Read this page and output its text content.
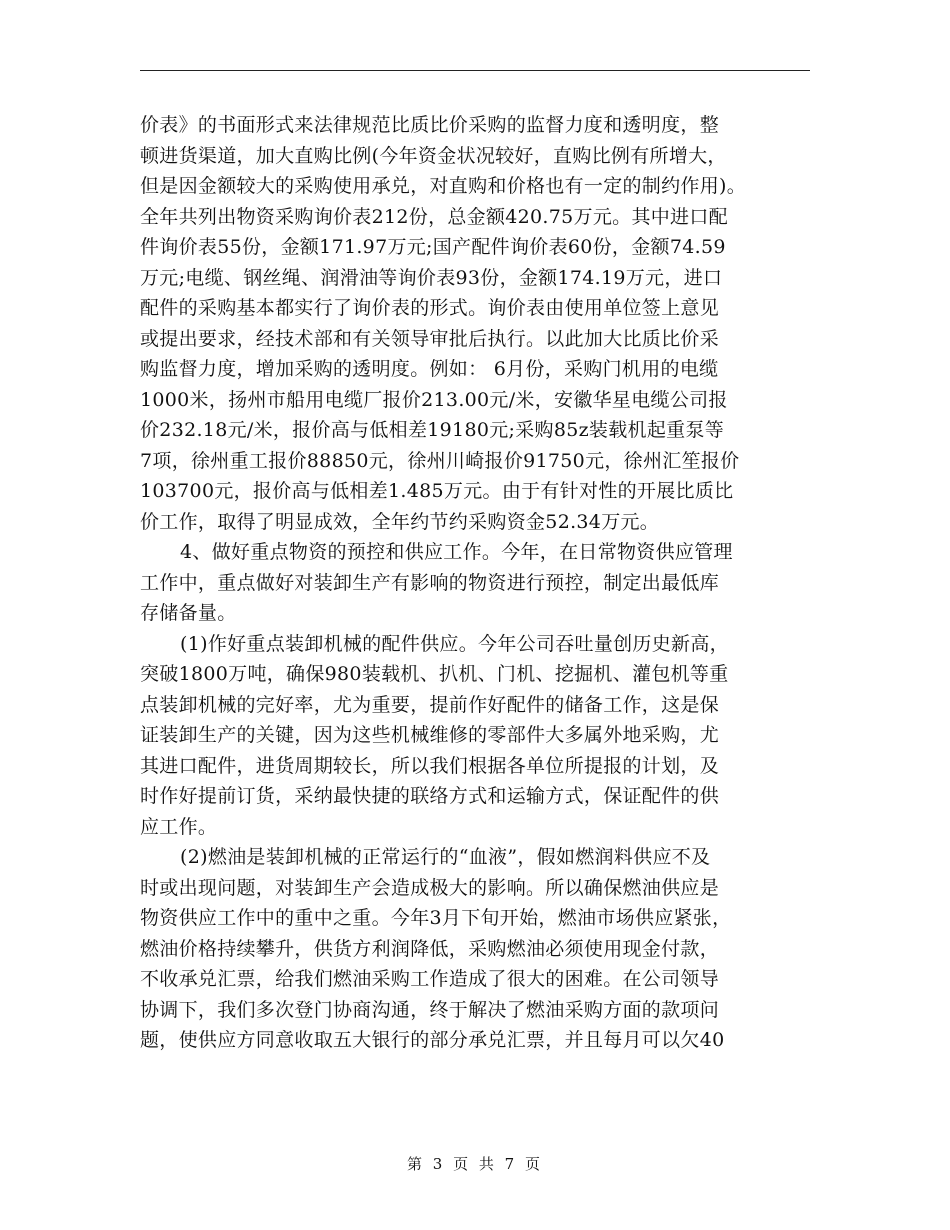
价表》的书面形式来法律规范比质比价采购的监督力度和透明度，整
顿进货渠道，加大直购比例(今年资金状况较好，直购比例有所增大，
但是因金额较大的采购使用承兑，对直购和价格也有一定的制约作用)。
全年共列出物资采购询价表212份，总金额420.75万元。其中进口配
件询价表55份，金额171.97万元;国产配件询价表60份，金额74.59
万元;电缆、钢丝绳、润滑油等询价表93份，金额174.19万元，进口
配件的采购基本都实行了询价表的形式。询价表由使用单位签上意见
或提出要求，经技术部和有关领导审批后执行。以此加大比质比价采
购监督力度，增加采购的透明度。例如： 6月份，采购门机用的电缆
1000米，扬州市船用电缆厂报价213.00元/米，安徽华星电缆公司报
价232.18元/米，报价高与低相差19180元;采购85z装载机起重泵等
7项，徐州重工报价88850元，徐州川崎报价91750元，徐州汇笙报价
103700元，报价高与低相差1.485万元。由于有针对性的开展比质比
价工作，取得了明显成效，全年约节约采购资金52.34万元。
4、做好重点物资的预控和供应工作。今年，在日常物资供应管理
工作中，重点做好对装卸生产有影响的物资进行预控，制定出最低库
存储备量。
(1)作好重点装卸机械的配件供应。今年公司吞吐量创历史新高，
突破1800万吨，确保980装载机、扒机、门机、挖掘机、灌包机等重
点装卸机械的完好率，尤为重要，提前作好配件的储备工作，这是保
证装卸生产的关键，因为这些机械维修的零部件大多属外地采购，尤
其进口配件，进货周期较长，所以我们根据各单位所提报的计划，及
时作好提前订货，采纳最快捷的联络方式和运输方式，保证配件的供
应工作。
(2)燃油是装卸机械的正常运行的“血液”，假如燃润料供应不及
时或出现问题，对装卸生产会造成极大的影响。所以确保燃油供应是
物资供应工作中的重中之重。今年3月下旬开始，燃油市场供应紧张，
燃油价格持续攀升，供货方利润降低，采购燃油必须使用现金付款，
不收承兑汇票，给我们燃油采购工作造成了很大的困难。在公司领导
协调下，我们多次登门协商沟通，终于解决了燃油采购方面的款项问
题，使供应方同意收取五大银行的部分承兑汇票，并且每月可以欠40
第 3 页 共 7 页
